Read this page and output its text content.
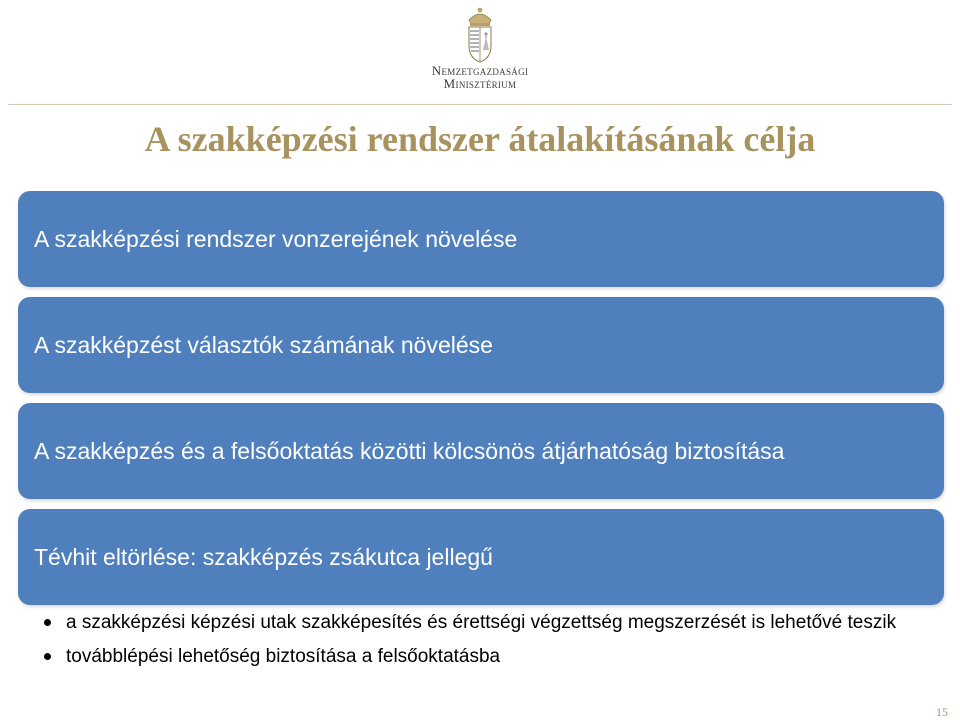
Nemzetgazdasági
Minisztérium
A szakképzési rendszer átalakításának célja
A szakképzési rendszer vonzerejének növelése
A szakképzést választók számának növelése
A szakképzés és a felsőoktatás közötti kölcsönös átjárhatóság biztosítása
Tévhit eltörlése: szakképzés zsákutca jellegű
a szakképzési képzési utak szakképesítés és érettségi végzettség megszerzését is lehetővé teszik
továbblépési lehetőség biztosítása a felsőoktatásba
15
